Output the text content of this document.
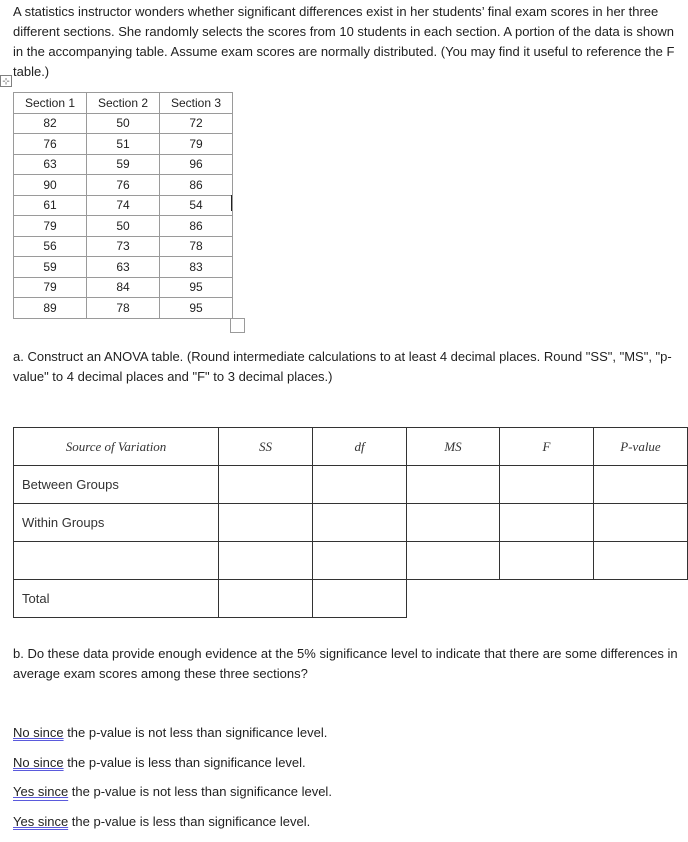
A statistics instructor wonders whether significant differences exist in her students’ final exam scores in her three different sections. She randomly selects the scores from 10 students in each section. A portion of the data is shown in the accompanying table. Assume exam scores are normally distributed. (You may find it useful to reference the F table.)

⊹
Section 1	Section 2	Section 3
82	50	72
76	51	79
63	59	96
90	76	86
61	74	54
79	50	86
56	73	78
59	63	83
79	84	95
89	78	95

a. Construct an ANOVA table. (Round intermediate calculations to at least 4 decimal places. Round "SS", "MS", "p-value" to 4 decimal places and "F" to 3 decimal places.)

Source of Variation	SS	df	MS	F	P-value
Between Groups					
Within Groups					

Total					

b. Do these data provide enough evidence at the 5% significance level to indicate that there are some differences in average exam scores among these three sections?

No since the p-value is not less than significance level.
No since the p-value is less than significance level.
Yes since the p-value is not less than significance level.
Yes since the p-value is less than significance level.
